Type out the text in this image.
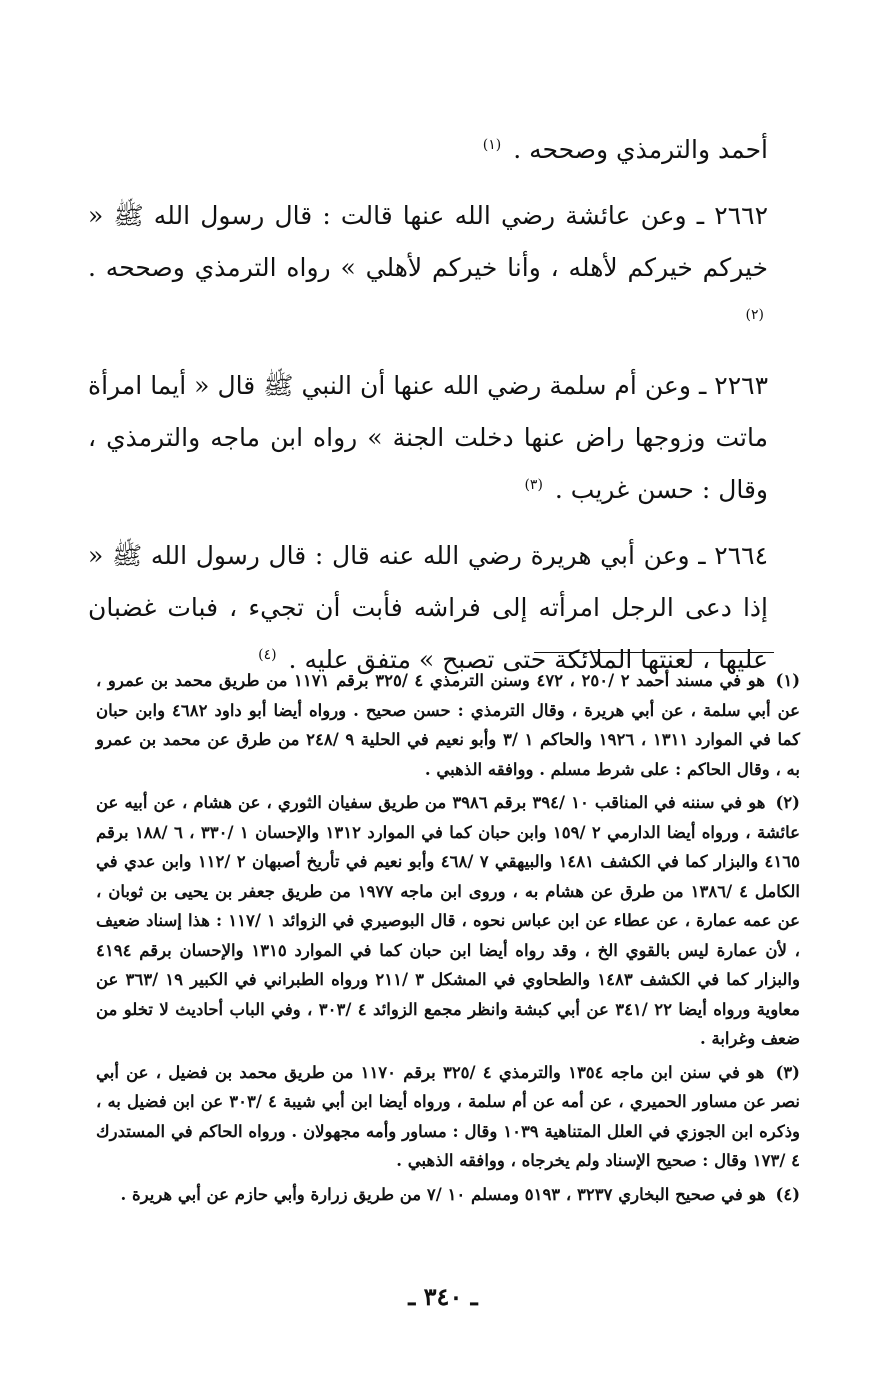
أحمد والترمذي وصححه . $^{(١)}$

٢٦٦٢ ـ وعن عائشة رضي الله عنها قالت : قال رسول الله ﷺ « خيركم خيركم لأهله ، وأنا خيركم لأهلي » رواه الترمذي وصححه . $^{(٢)}$

٢٢٦٣ ـ وعن أم سلمة رضي الله عنها أن النبي ﷺ قال « أيما امرأة ماتت وزوجها راض عنها دخلت الجنة » رواه ابن ماجه والترمذي ، وقال : حسن غريب . $^{(٣)}$

٢٦٦٤ ـ وعن أبي هريرة رضي الله عنه قال : قال رسول الله ﷺ « إذا دعى الرجل امرأته إلى فراشه فأبت أن تجيء ، فبات غضبان عليها ، لعنتها الملائكة حتى تصبح » متفق عليه . $^{(٤)}$

(١) هو في مسند أحمد ٢ /٢٥٠ ، ٤٧٢ وسنن الترمذي ٤ /٣٢٥ برقم ١١٧١ من طريق محمد بن عمرو ، عن أبي سلمة ، عن أبي هريرة ، وقال الترمذي : حسن صحيح . ورواه أيضا أبو داود ٤٦٨٢ وابن حبان كما في الموارد ١٣١١ ، ١٩٢٦ والحاكم ١ /٣ وأبو نعيم في الحلية ٩ /٢٤٨ من طرق عن محمد بن عمرو به ، وقال الحاكم : على شرط مسلم . ووافقه الذهبي .

(٢) هو في سننه في المناقب ١٠ /٣٩٤ برقم ٣٩٨٦ من طريق سفيان الثوري ، عن هشام ، عن أبيه عن عائشة ، ورواه أيضا الدارمي ٢ /١٥٩ وابن حبان كما في الموارد ١٣١٢ والإحسان ١ /٣٣٠ ، ٦ /١٨٨ برقم ٤١٦٥ والبزار كما في الكشف ١٤٨١ والبيهقي ٧ /٤٦٨ وأبو نعيم في تأريخ أصبهان ٢ /١١٢ وابن عدي في الكامل ٤ /١٣٨٦ من طرق عن هشام به ، وروى ابن ماجه ١٩٧٧ من طريق جعفر بن يحيى بن ثوبان ، عن عمه عمارة ، عن عطاء عن ابن عباس نحوه ، قال البوصيري في الزوائد ١ /١١٧ : هذا إسناد ضعيف ، لأن عمارة ليس بالقوي الخ ، وقد رواه أيضا ابن حبان كما في الموارد ١٣١٥ والإحسان برقم ٤١٩٤ والبزار كما في الكشف ١٤٨٣ والطحاوي في المشكل ٣ /٢١١ ورواه الطبراني في الكبير ١٩ /٣٦٣ عن معاوية ورواه أيضا ٢٢ /٣٤١ عن أبي كبشة وانظر مجمع الزوائد ٤ /٣٠٣ ، وفي الباب أحاديث لا تخلو من ضعف وغرابة .

(٣) هو في سنن ابن ماجه ١٣٥٤ والترمذي ٤ /٣٢٥ برقم ١١٧٠ من طريق محمد بن فضيل ، عن أبي نصر عن مساور الحميري ، عن أمه عن أم سلمة ، ورواه أيضا ابن أبي شيبة ٤ /٣٠٣ عن ابن فضيل به ، وذكره ابن الجوزي في العلل المتناهية ١٠٣٩ وقال : مساور وأمه مجهولان . ورواه الحاكم في المستدرك ٤ /١٧٣ وقال : صحيح الإسناد ولم يخرجاه ، ووافقه الذهبي .

(٤) هو في صحيح البخاري ٣٢٣٧ ، ٥١٩٣ ومسلم ١٠ /٧ من طريق زرارة وأبي حازم عن أبي هريرة .

ـ ٣٤٠ ـ
